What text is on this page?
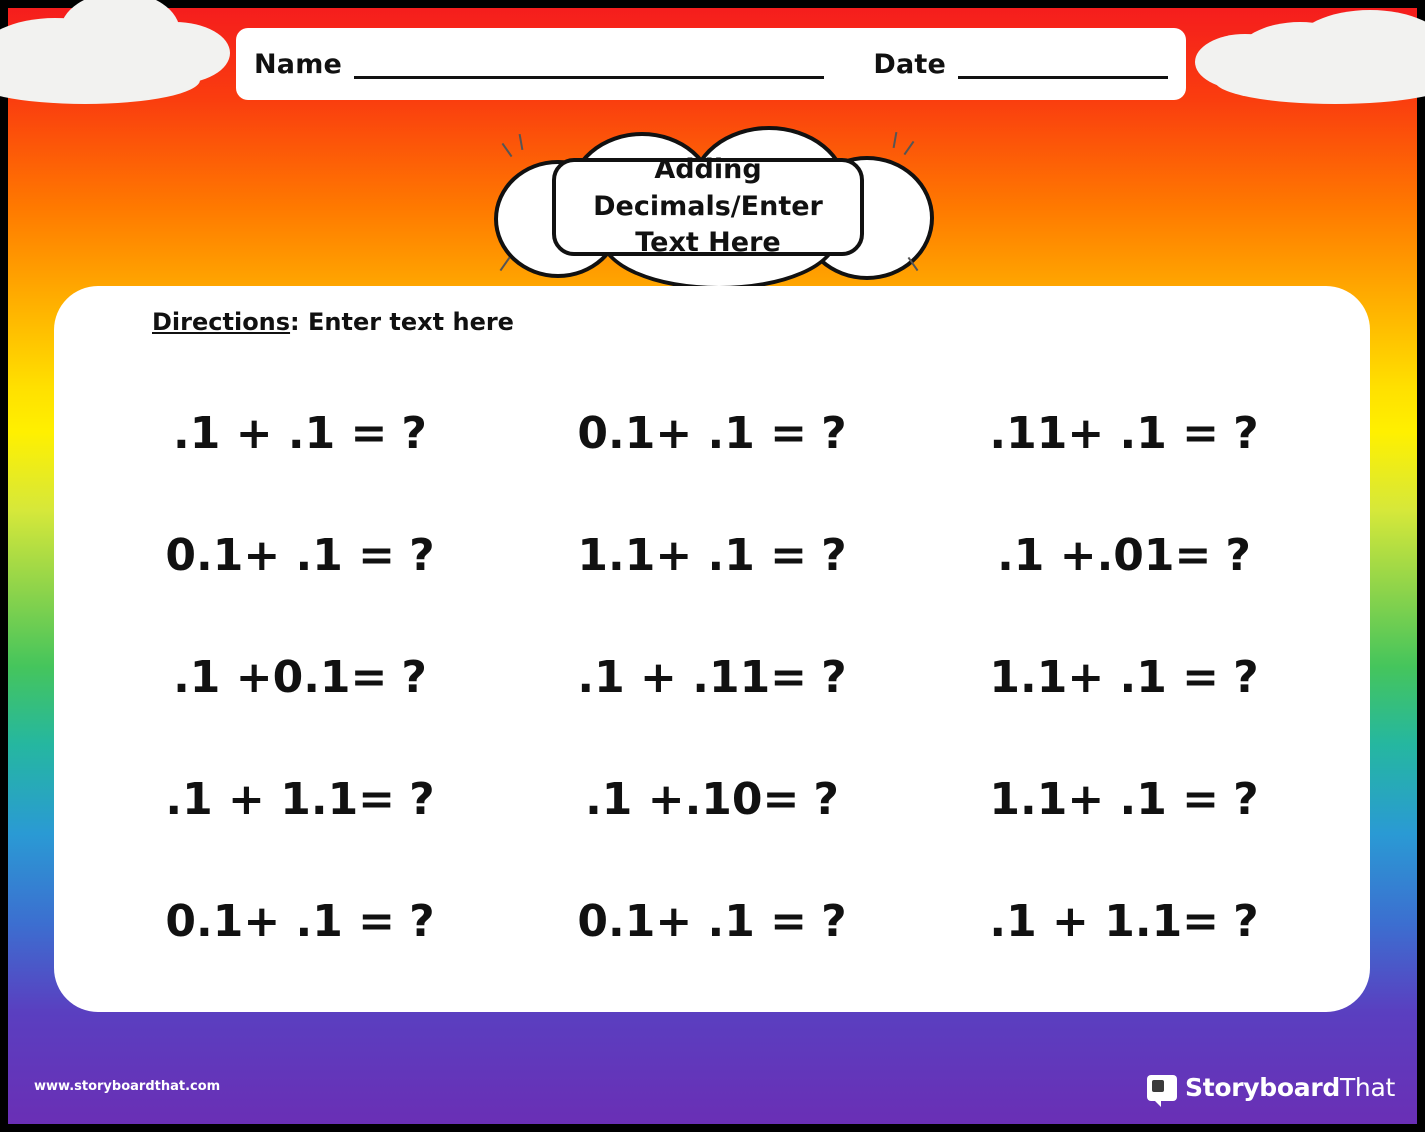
Name	Date
Adding Decimals/Enter Text Here
Directions: Enter text here
.1 + .1 = ?	0.1+ .1 = ?	.11+ .1 = ?
0.1+ .1 = ?	1.1+ .1 = ?	.1 +.01= ?
.1 +0.1= ?	.1 + .11= ?	1.1+ .1 = ?
.1 + 1.1= ?	.1 +.10= ?	1.1+ .1 = ?
0.1+ .1 = ?	0.1+ .1 = ?	.1 + 1.1= ?
www.storyboardthat.com	StoryboardThat
